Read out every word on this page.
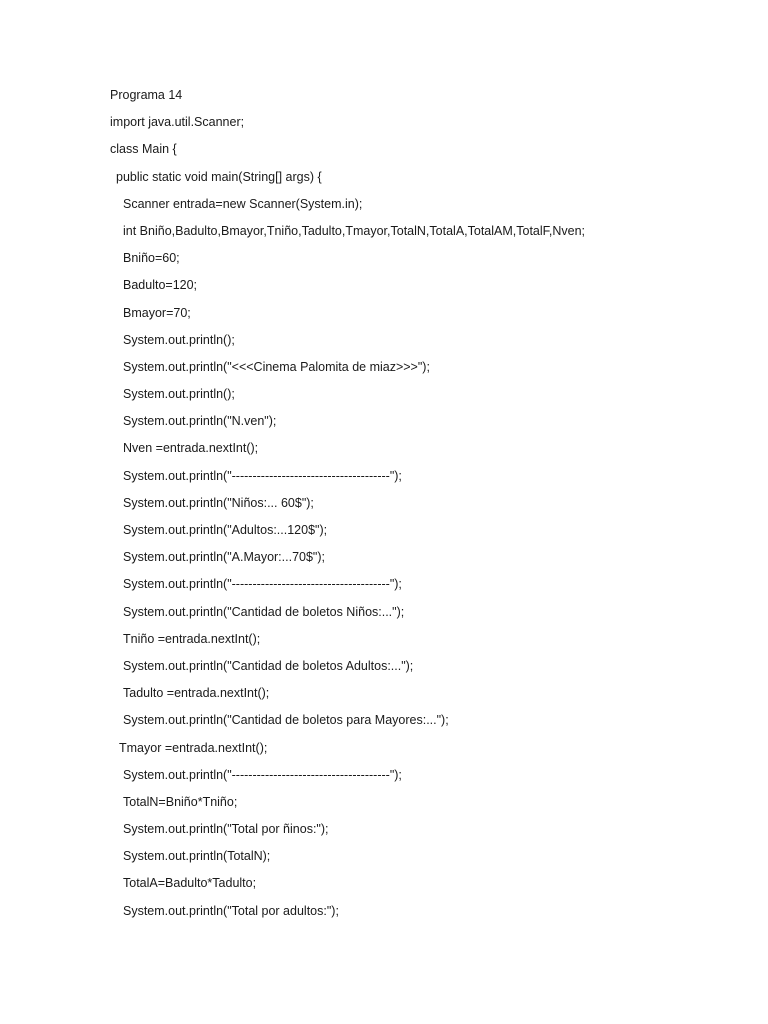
Programa 14
import java.util.Scanner;
class Main {
public static void main(String[] args) {
Scanner entrada=new Scanner(System.in);
int Bniño,Badulto,Bmayor,Tniño,Tadulto,Tmayor,TotalN,TotalA,TotalAM,TotalF,Nven;
Bniño=60;
Badulto=120;
Bmayor=70;
System.out.println();
System.out.println("<<<Cinema Palomita de miaz>>>");
System.out.println();
System.out.println("N.ven");
Nven =entrada.nextInt();
System.out.println("--------------------------------------");
System.out.println("Niños:... 60$");
System.out.println("Adultos:...120$");
System.out.println("A.Mayor:...70$");
System.out.println("--------------------------------------");
System.out.println("Cantidad de boletos Niños:...");
Tniño =entrada.nextInt();
System.out.println("Cantidad de boletos Adultos:...");
Tadulto =entrada.nextInt();
System.out.println("Cantidad de boletos para Mayores:...");
Tmayor =entrada.nextInt();
System.out.println("--------------------------------------");
TotalN=Bniño*Tniño;
System.out.println("Total por ñinos:");
System.out.println(TotalN);
TotalA=Badulto*Tadulto;
System.out.println("Total por adultos:");
